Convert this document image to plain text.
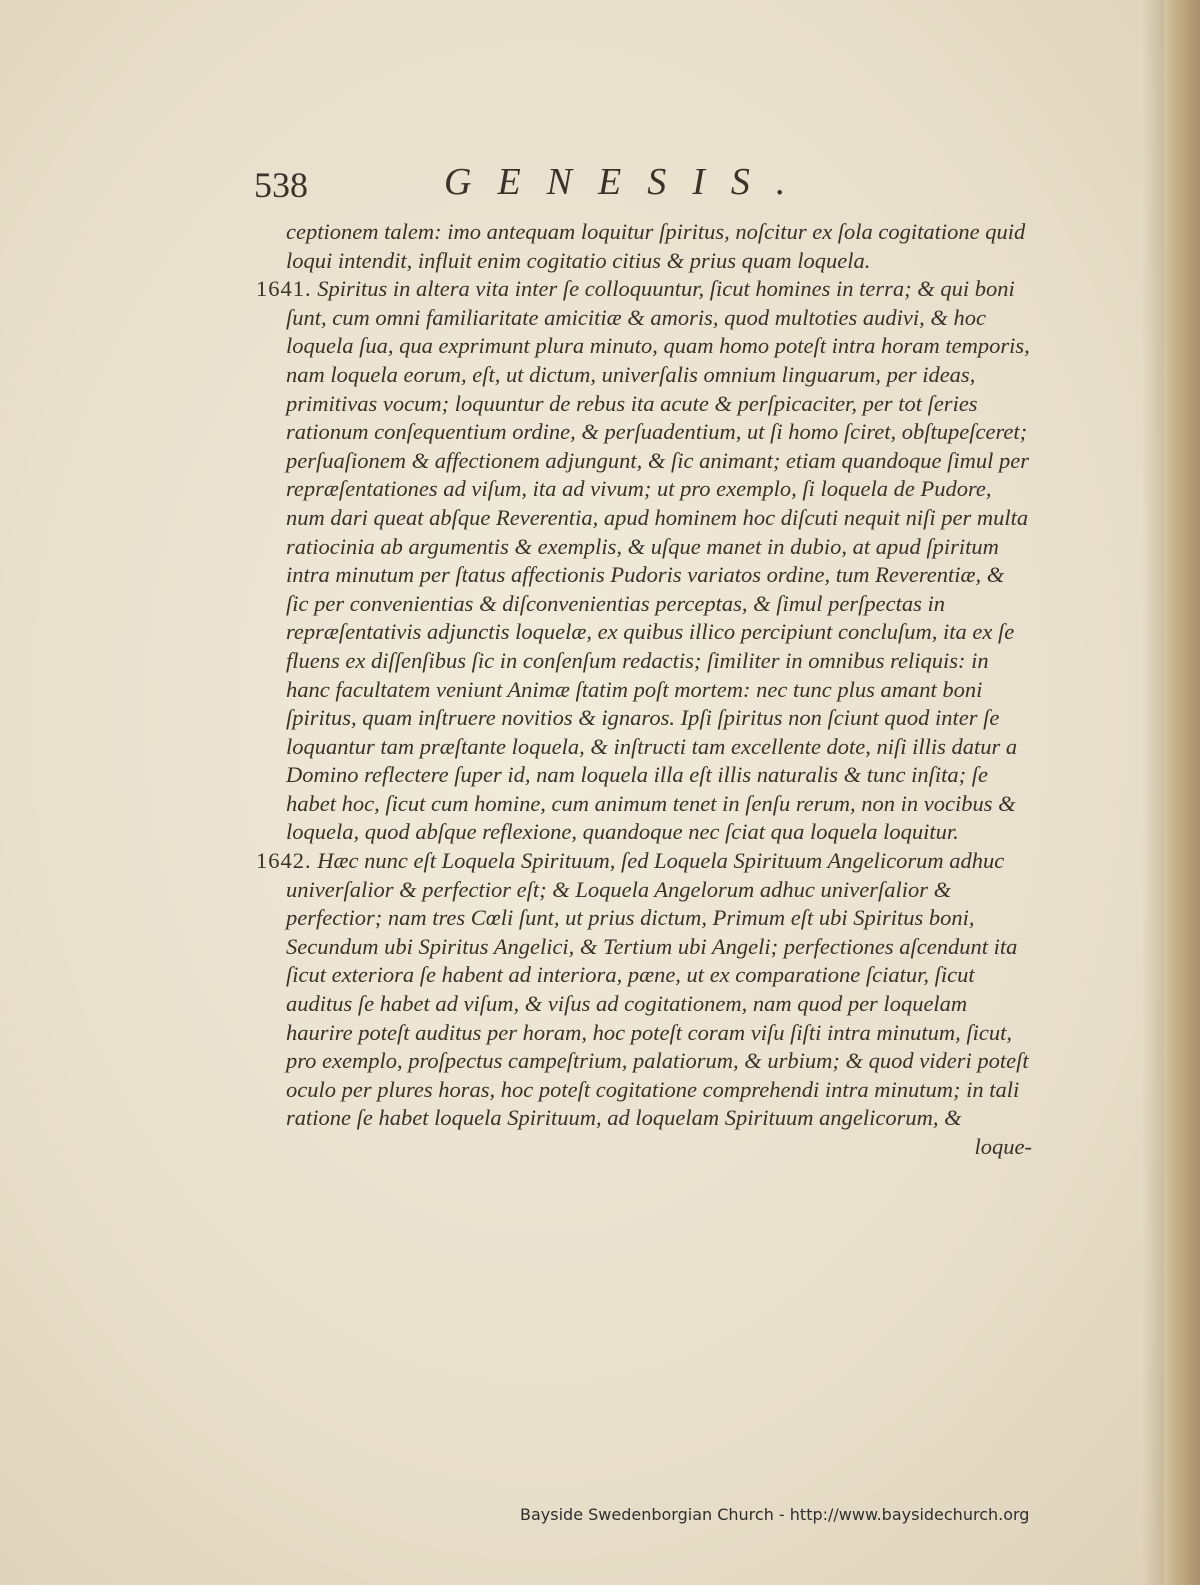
538	GENESIS.

ceptionem talem: imo antequam loquitur ſpiritus, noſcitur ex ſola cogitatione quid loqui intendit, influit enim cogitatio citius & prius quam loquela.

1641. Spiritus in altera vita inter ſe colloquuntur, ſicut homines in terra; & qui boni ſunt, cum omni familiaritate amicitiæ & amoris, quod multoties audivi, & hoc loquela ſua, qua exprimunt plura minuto, quam homo poteſt intra horam temporis, nam loquela eorum, eſt, ut dictum, univerſalis omnium linguarum, per ideas, primitivas vocum; loquuntur de rebus ita acute & perſpicaciter, per tot ſeries rationum conſequentium ordine, & perſuadentium, ut ſi homo ſciret, obſtupeſceret; perſuaſionem & affectionem adjungunt, & ſic animant; etiam quandoque ſimul per repræſentationes ad viſum, ita ad vivum; ut pro exemplo, ſi loquela de Pudore, num dari queat abſque Reverentia, apud hominem hoc diſcuti nequit niſi per multa ratiocinia ab argumentis & exemplis, & uſque manet in dubio, at apud ſpiritum intra minutum per ſtatus affectionis Pudoris variatos ordine, tum Reverentiæ, & ſic per convenientias & diſconvenientias perceptas, & ſimul perſpectas in repræſentativis adjunctis loquelæ, ex quibus illico percipiunt concluſum, ita ex ſe fluens ex diſſenſibus ſic in conſenſum redactis; ſimiliter in omnibus reliquis: in hanc facultatem veniunt Animæ ſtatim poſt mortem: nec tunc plus amant boni ſpiritus, quam inſtruere novitios & ignaros. Ipſi ſpiritus non ſciunt quod inter ſe loquantur tam præſtante loquela, & inſtructi tam excellente dote, niſi illis datur a Domino reflectere ſuper id, nam loquela illa eſt illis naturalis & tunc inſita; ſe habet hoc, ſicut cum homine, cum animum tenet in ſenſu rerum, non in vocibus & loquela, quod abſque reflexione, quandoque nec ſciat qua loquela loquitur.

1642. Hæc nunc eſt Loquela Spirituum, ſed Loquela Spirituum Angelicorum adhuc univerſalior & perfectior eſt; & Loquela Angelorum adhuc univerſalior & perfectior; nam tres Cœli ſunt, ut prius dictum, Primum eſt ubi Spiritus boni, Secundum ubi Spiritus Angelici, & Tertium ubi Angeli; perfectiones aſcendunt ita ſicut exteriora ſe habent ad interiora, pæne, ut ex comparatione ſciatur, ſicut auditus ſe habet ad viſum, & viſus ad cogitationem, nam quod per loquelam haurire poteſt auditus per horam, hoc poteſt coram viſu ſiſti intra minutum, ſicut, pro exemplo, proſpectus campeſtrium, palatiorum, & urbium; & quod videri poteſt oculo per plures horas, hoc poteſt cogitatione comprehendi intra minutum; in tali ratione ſe habet loquela Spirituum, ad loquelam Spirituum angelicorum, &

loque-

Bayside Swedenborgian Church - http://www.baysidechurch.org
